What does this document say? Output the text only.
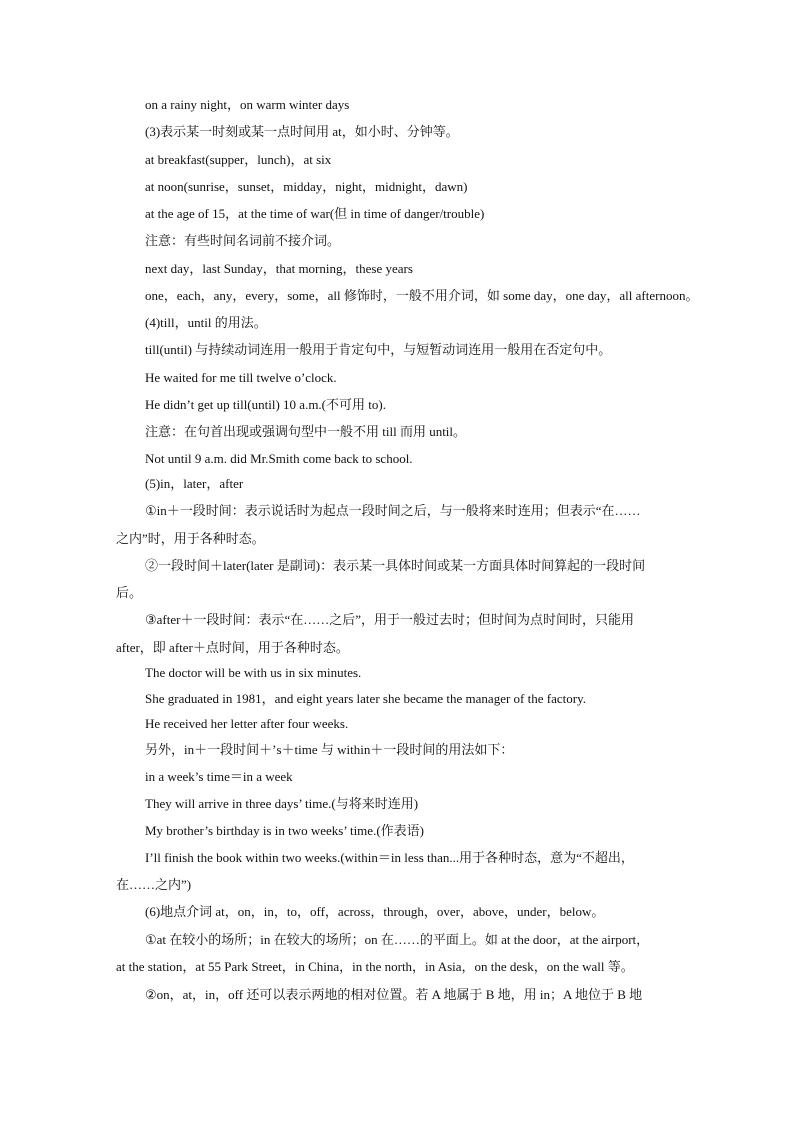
on a rainy night，on warm winter days
(3)表示某一时刻或某一点时间用 at，如小时、分钟等。
at breakfast(supper，lunch)，at six
at noon(sunrise，sunset，midday，night，midnight，dawn)
at the age of 15，at the time of war(但 in time of danger/trouble)
注意：有些时间名词前不接介词。
next day，last Sunday，that morning，these years
one，each，any，every，some，all 修饰时，一般不用介词，如 some day，one day，all afternoon。
(4)till，until 的用法。
till(until) 与持续动词连用一般用于肯定句中，与短暂动词连用一般用在否定句中。
He waited for me till twelve o’clock.
He didn’t get up till(until) 10 a.m.(不可用 to).
注意：在句首出现或强调句型中一般不用 till 而用 until。
Not until 9 a.m. did Mr.Smith come back to school.
(5)in，later，after
①in＋一段时间：表示说话时为起点一段时间之后，与一般将来时连用；但表示“在……
之内”时，用于各种时态。
②一段时间＋later(later 是副词)：表示某一具体时间或某一方面具体时间算起的一段时间
后。
③after＋一段时间：表示“在……之后”，用于一般过去时；但时间为点时间时，只能用
after，即 after＋点时间，用于各种时态。
The doctor will be with us in six minutes.
She graduated in 1981，and eight years later she became the manager of the factory.
He received her letter after four weeks.
另外，in＋一段时间＋’s＋time 与 within＋一段时间的用法如下：
in a week’s time＝in a week
They will arrive in three days’ time.(与将来时连用)
My brother’s birthday is in two weeks’ time.(作表语)
I’ll finish the book within two weeks.(within＝in less than...用于各种时态，意为“不超出，
在……之内”)
(6)地点介词 at，on，in，to，off，across，through，over，above，under，below。
①at 在较小的场所；in 在较大的场所；on 在……的平面上。如 at the door，at the airport，
at the station，at 55 Park Street，in China，in the north，in Asia，on the desk，on the wall 等。
②on，at，in，off 还可以表示两地的相对位置。若 A 地属于 B 地，用 in；A 地位于 B 地
